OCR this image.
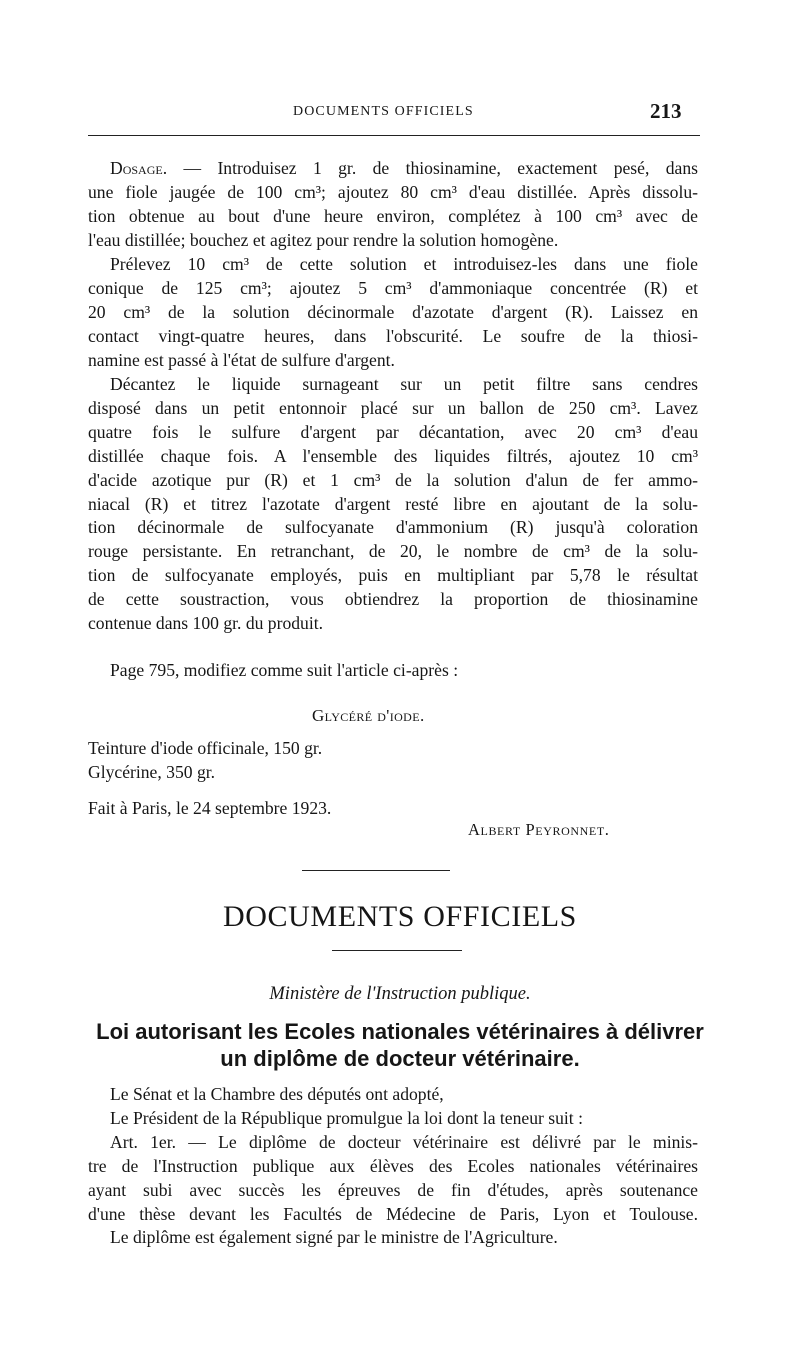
DOCUMENTS OFFICIELS	213
Dosage. — Introduisez 1 gr. de thiosinamine, exactement pesé, dans
une fiole jaugée de 100 cm³; ajoutez 80 cm³ d'eau distillée. Après dissolu-
tion obtenue au bout d'une heure environ, complétez à 100 cm³ avec de
l'eau distillée; bouchez et agitez pour rendre la solution homogène.
Prélevez 10 cm³ de cette solution et introduisez-les dans une fiole
conique de 125 cm³; ajoutez 5 cm³ d'ammoniaque concentrée (R) et
20 cm³ de la solution décinormale d'azotate d'argent (R). Laissez en
contact vingt-quatre heures, dans l'obscurité. Le soufre de la thiosi-
namine est passé à l'état de sulfure d'argent.
Décantez le liquide surnageant sur un petit filtre sans cendres
disposé dans un petit entonnoir placé sur un ballon de 250 cm³. Lavez
quatre fois le sulfure d'argent par décantation, avec 20 cm³ d'eau
distillée chaque fois. A l'ensemble des liquides filtrés, ajoutez 10 cm³
d'acide azotique pur (R) et 1 cm³ de la solution d'alun de fer ammo-
niacal (R) et titrez l'azotate d'argent resté libre en ajoutant de la solu-
tion décinormale de sulfocyanate d'ammonium (R) jusqu'à coloration
rouge persistante. En retranchant, de 20, le nombre de cm³ de la solu-
tion de sulfocyanate employés, puis en multipliant par 5,78 le résultat
de cette soustraction, vous obtiendrez la proportion de thiosinamine
contenue dans 100 gr. du produit.
Page 795, modifiez comme suit l'article ci-après :
Glycéré d'iode.
Teinture d'iode officinale, 150 gr.
Glycérine, 350 gr.
Fait à Paris, le 24 septembre 1923.
Albert Peyronnet.
DOCUMENTS OFFICIELS
Ministère de l'Instruction publique.
Loi autorisant les Ecoles nationales vétérinaires à délivrer
un diplôme de docteur vétérinaire.
Le Sénat et la Chambre des députés ont adopté,
Le Président de la République promulgue la loi dont la teneur suit :
Art. 1er. — Le diplôme de docteur vétérinaire est délivré par le minis-
tre de l'Instruction publique aux élèves des Ecoles nationales vétérinaires
ayant subi avec succès les épreuves de fin d'études, après soutenance
d'une thèse devant les Facultés de Médecine de Paris, Lyon et Toulouse.
Le diplôme est également signé par le ministre de l'Agriculture.
